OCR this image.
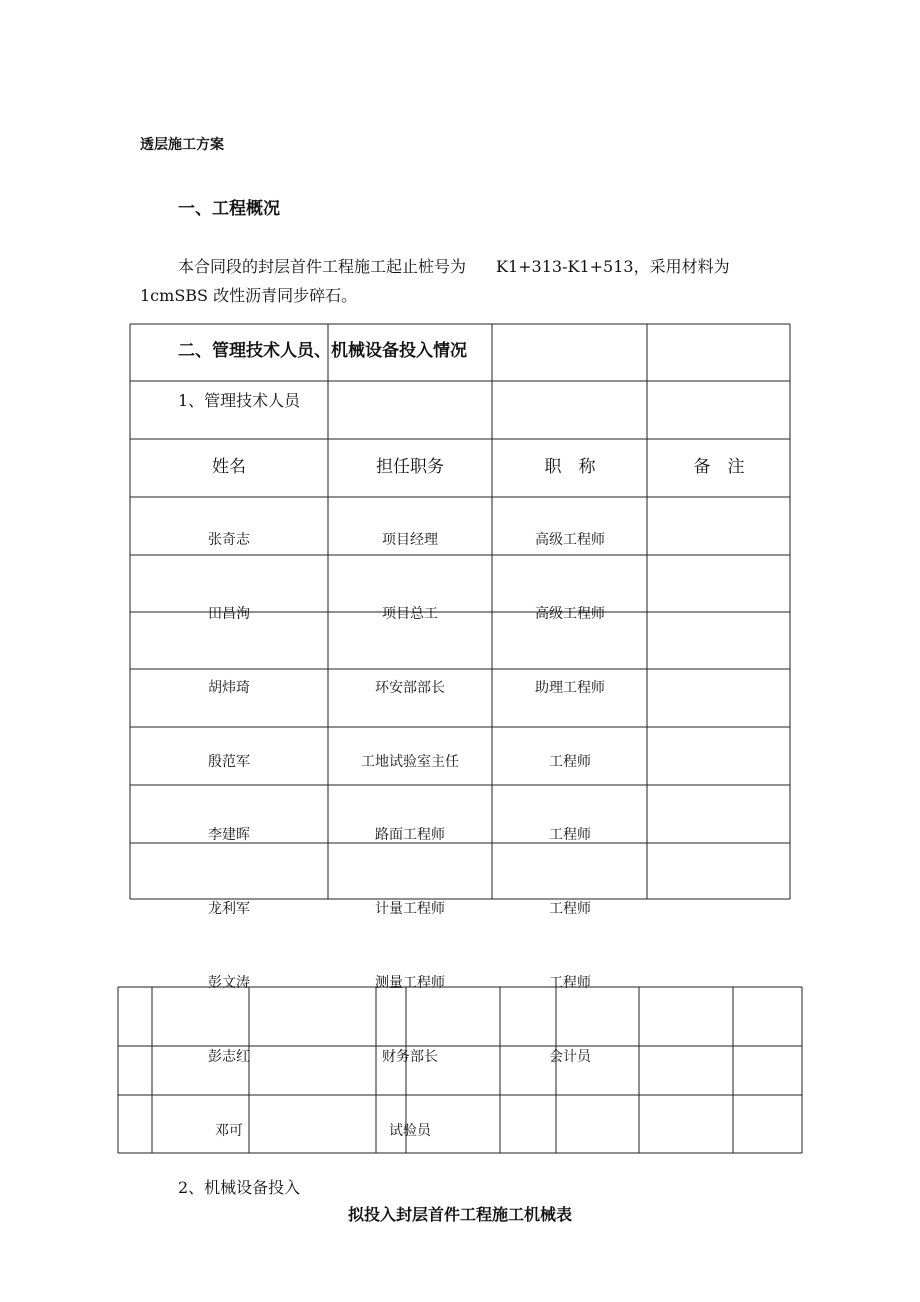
透层施工方案
一、工程概况
本合同段的封层首件工程施工起止桩号为 K1+313-K1+513，采用材料为
1cmSBS 改性沥青同步碎石。
二、管理技术人员、机械设备投入情况
1、管理技术人员
姓名	担任职务	职　称	备　注
张奇志	项目经理	高级工程师
田昌洵	项目总工	高级工程师
胡炜琦	环安部部长	助理工程师
殷范军	工地试验室主任	工程师
李建晖	路面工程师	工程师
龙利军	计量工程师	工程师
彭文涛	测量工程师	工程师
彭志红	财务部长	会计员
邓可	试验员
2、机械设备投入
拟投入封层首件工程施工机械表
